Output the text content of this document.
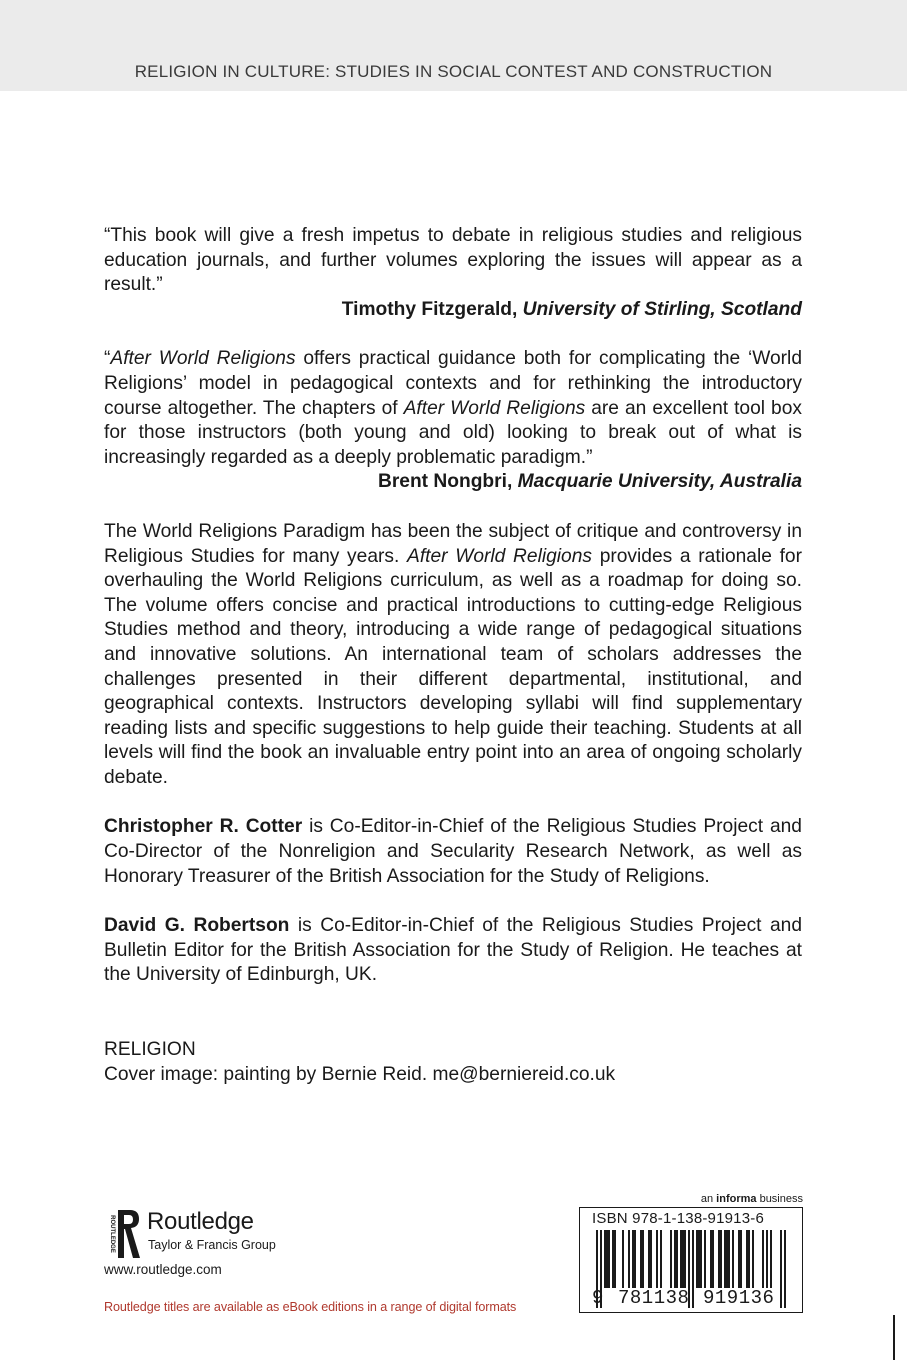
RELIGION IN CULTURE: STUDIES IN SOCIAL CONTEST AND CONSTRUCTION

“This book will give a fresh impetus to debate in religious studies and religious education journals, and further volumes exploring the issues will appear as a result.”

Timothy Fitzgerald, University of Stirling, Scotland

“After World Religions offers practical guidance both for complicating the ‘World Religions’ model in pedagogical contexts and for rethinking the introductory course altogether. The chapters of After World Religions are an excellent tool box for those instructors (both young and old) looking to break out of what is increasingly regarded as a deeply problematic paradigm.”

Brent Nongbri, Macquarie University, Australia

The World Religions Paradigm has been the subject of critique and controversy in Religious Studies for many years. After World Religions provides a rationale for overhauling the World Religions curriculum, as well as a roadmap for doing so. The volume offers concise and practical introductions to cutting-edge Religious Studies method and theory, introducing a wide range of pedagogical situations and innovative solutions. An international team of scholars addresses the challenges presented in their different departmental, institutional, and geographical contexts. Instructors developing syllabi will find supplementary reading lists and specific suggestions to help guide their teaching. Students at all levels will find the book an invaluable entry point into an area of ongoing scholarly debate.

Christopher R. Cotter is Co-Editor-in-Chief of the Religious Studies Project and Co-Director of the Nonreligion and Secularity Research Network, as well as Honorary Treasurer of the British Association for the Study of Religions.

David G. Robertson is Co-Editor-in-Chief of the Religious Studies Project and Bulletin Editor for the British Association for the Study of Religion. He teaches at the University of Edinburgh, UK.

RELIGION

Cover image: painting by Bernie Reid. me@berniereid.co.uk

ROUTLEDGE Routledge
Taylor & Francis Group
www.routledge.com
Routledge titles are available as eBook editions in a range of digital formats
an informa business
ISBN 978-1-138-91913-6
9 781138 919136
